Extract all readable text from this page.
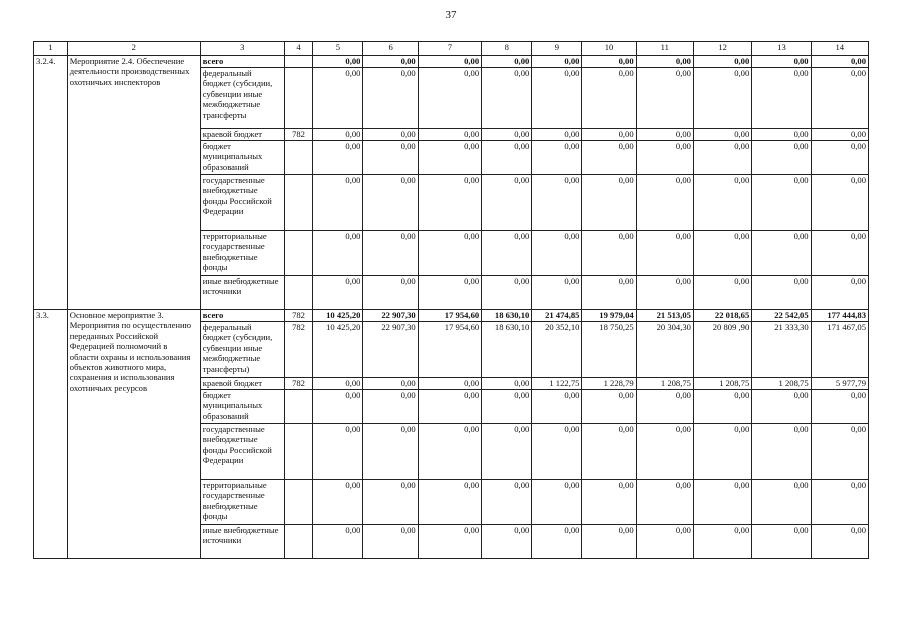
37
1	2	3	4	5	6	7	8	9	10	11	12	13	14
3.2.4.	Мероприятие 2.4. Обеспечение деятельности производственных охотничьих инспекторов	всего		0,00	0,00	0,00	0,00	0,00	0,00	0,00	0,00	0,00	0,00
		федеральный бюджет (субсидии, субвенции иные межбюджетные трансферты		0,00	0,00	0,00	0,00	0,00	0,00	0,00	0,00	0,00	0,00
		краевой бюджет	782	0,00	0,00	0,00	0,00	0,00	0,00	0,00	0,00	0,00	0,00
		бюджет муниципальных образований		0,00	0,00	0,00	0,00	0,00	0,00	0,00	0,00	0,00	0,00
		государственные внебюджетные фонды Российской Федерации		0,00	0,00	0,00	0,00	0,00	0,00	0,00	0,00	0,00	0,00
		территориальные государственные внебюджетные фонды		0,00	0,00	0,00	0,00	0,00	0,00	0,00	0,00	0,00	0,00
		иные внебюджетные источники		0,00	0,00	0,00	0,00	0,00	0,00	0,00	0,00	0,00	0,00
3.3.	Основное мероприятие 3. Мероприятия по осуществлению переданных Российской Федерацией полномочий в области охраны и использования объектов животного мира, сохранения и использования охотничьих ресурсов	всего	782	10 425,20	22 907,30	17 954,60	18 630,10	21 474,85	19 979,04	21 513,05	22 018,65	22 542,05	177 444,83
		федеральный бюджет (субсидии, субвенции иные межбюджетные трансферты)	782	10 425,20	22 907,30	17 954,60	18 630,10	20 352,10	18 750,25	20 304,30	20 809 ,90	21 333,30	171 467,05
		краевой бюджет	782	0,00	0,00	0,00	0,00	1 122,75	1 228,79	1 208,75	1 208,75	1 208,75	5 977,79
		бюджет муниципальных образований		0,00	0,00	0,00	0,00	0,00	0,00	0,00	0,00	0,00	0,00
		государственные внебюджетные фонды Российской Федерации		0,00	0,00	0,00	0,00	0,00	0,00	0,00	0,00	0,00	0,00
		территориальные государственные внебюджетные фонды		0,00	0,00	0,00	0,00	0,00	0,00	0,00	0,00	0,00	0,00
		иные внебюджетные источники		0,00	0,00	0,00	0,00	0,00	0,00	0,00	0,00	0,00	0,00
